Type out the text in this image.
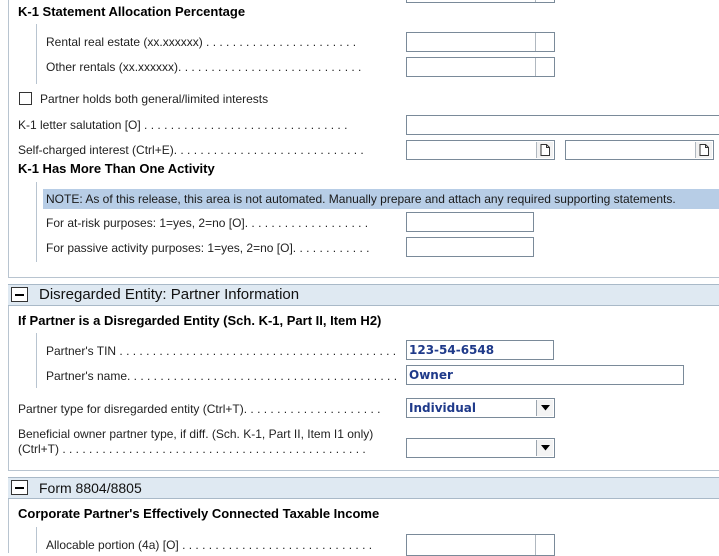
K-1 Statement Allocation Percentage
Rental real estate (xx.xxxxxx) . . . . . . . . . . . . . . . . . . . . . . .
Other rentals (xx.xxxxxx). . . . . . . . . . . . . . . . . . . . . . . . . . . .
Partner holds both general/limited interests
K-1 letter salutation [O] . . . . . . . . . . . . . . . . . . . . . . . . . . . . . . .
Self-charged interest (Ctrl+E). . . . . . . . . . . . . . . . . . . . . . . . . . . . .
K-1 Has More Than One Activity
NOTE: As of this release, this area is not automated. Manually prepare and attach any required supporting statements.
For at-risk purposes: 1=yes, 2=no [O]. . . . . . . . . . . . . . . . . . .
For passive activity purposes: 1=yes, 2=no [O]. . . . . . . . . . . .
Disregarded Entity: Partner Information
If Partner is a Disregarded Entity (Sch. K-1, Part II, Item H2)
Partner's TIN . . . . . . . . . . . . . . . . . . . . . . . . . . . . . . . . . . . . . . . . . .	123-54-6548
Partner's name. . . . . . . . . . . . . . . . . . . . . . . . . . . . . . . . . . . . . . . . . Owner
Partner type for disregarded entity (Ctrl+T). . . . . . . . . . . . . . . . . . . . .	Individual
Beneficial owner partner type, if diff. (Sch. K-1, Part II, Item I1 only)
(Ctrl+T) . . . . . . . . . . . . . . . . . . . . . . . . . . . . . . . . . . . . . . . . . . . . . .
Form 8804/8805
Corporate Partner's Effectively Connected Taxable Income
Allocable portion (4a) [O] . . . . . . . . . . . . . . . . . . . . . . . . . . . . .
